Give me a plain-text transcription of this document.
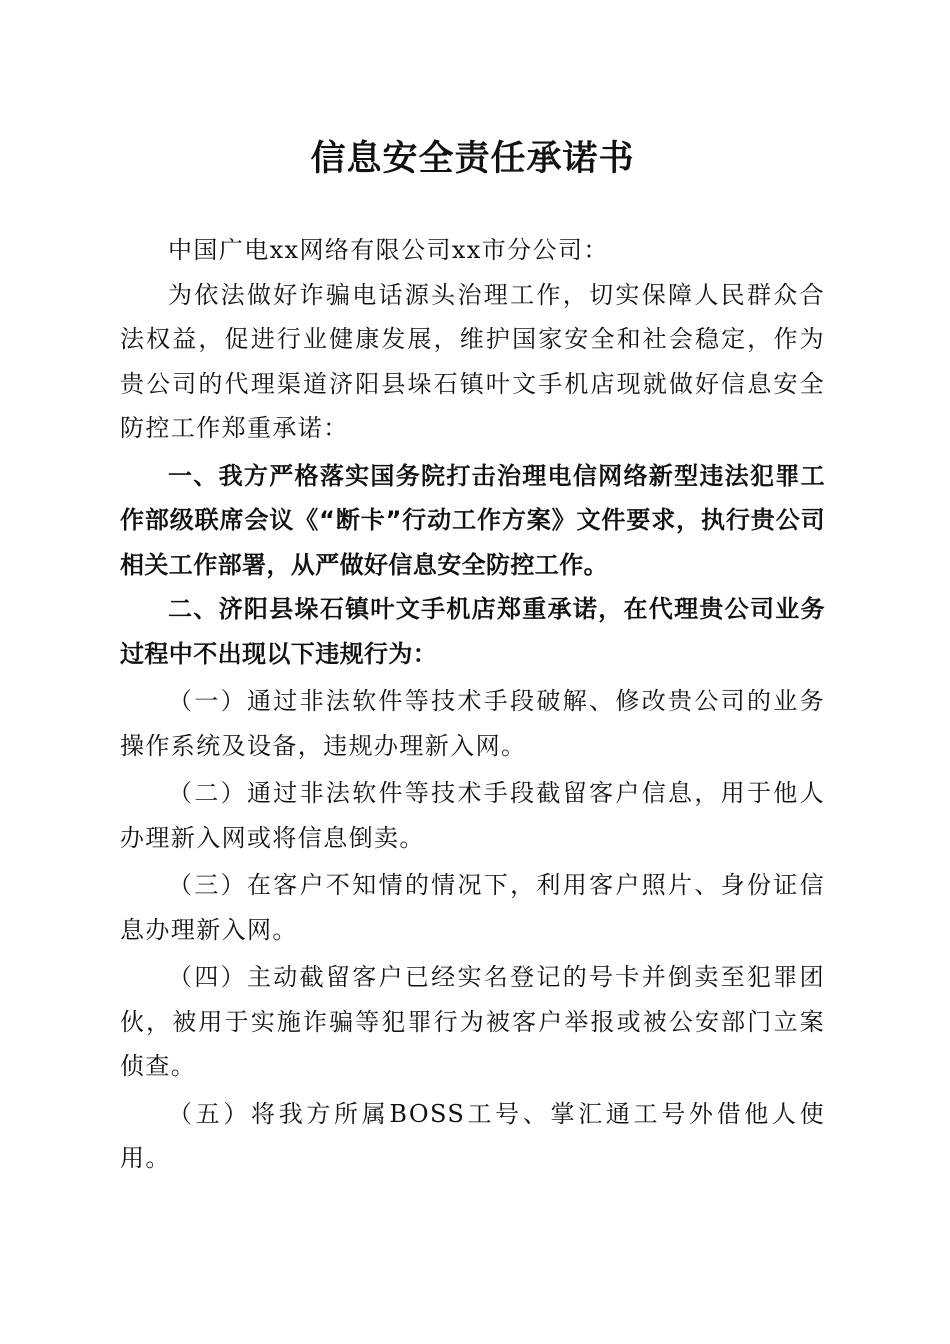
信息安全责任承诺书

中国广电xx网络有限公司xx市分公司：

为依法做好诈骗电话源头治理工作，切实保障人民群众合法权益，促进行业健康发展，维护国家安全和社会稳定，作为贵公司的代理渠道济阳县垛石镇叶文手机店现就做好信息安全防控工作郑重承诺：

一、我方严格落实国务院打击治理电信网络新型违法犯罪工作部级联席会议《“断卡”行动工作方案》文件要求，执行贵公司相关工作部署，从严做好信息安全防控工作。

二、济阳县垛石镇叶文手机店郑重承诺，在代理贵公司业务过程中不出现以下违规行为：

（一）通过非法软件等技术手段破解、修改贵公司的业务操作系统及设备，违规办理新入网。

（二）通过非法软件等技术手段截留客户信息，用于他人办理新入网或将信息倒卖。

（三）在客户不知情的情况下，利用客户照片、身份证信息办理新入网。

（四）主动截留客户已经实名登记的号卡并倒卖至犯罪团伙，被用于实施诈骗等犯罪行为被客户举报或被公安部门立案侦查。

（五）将我方所属BOSS工号、掌汇通工号外借他人使用。
